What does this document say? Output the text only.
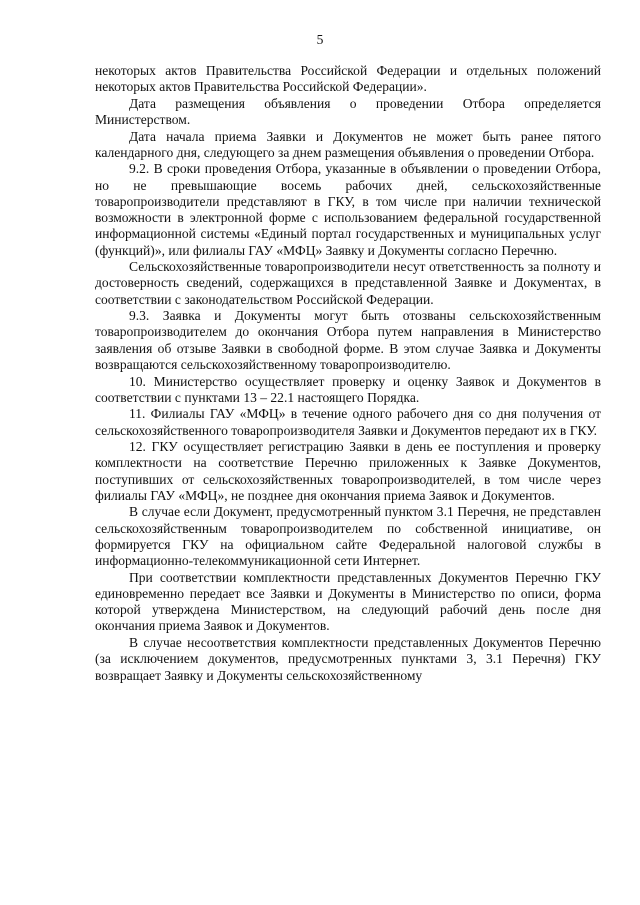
5

некоторых актов Правительства Российской Федерации и отдельных положений некоторых актов Правительства Российской Федерации».

Дата размещения объявления о проведении Отбора определяется Министерством.

Дата начала приема Заявки и Документов не может быть ранее пятого календарного дня, следующего за днем размещения объявления о проведении Отбора.

9.2. В сроки проведения Отбора, указанные в объявлении о проведении Отбора, но не превышающие восемь рабочих дней, сельскохозяйственные товаропроизводители представляют в ГКУ, в том числе при наличии технической возможности в электронной форме с использованием федеральной государственной информационной системы «Единый портал государственных и муниципальных услуг (функций)», или филиалы ГАУ «МФЦ» Заявку и Документы согласно Перечню.

Сельскохозяйственные товаропроизводители несут ответственность за полноту и достоверность сведений, содержащихся в представленной Заявке и Документах, в соответствии с законодательством Российской Федерации.

9.3. Заявка и Документы могут быть отозваны сельскохозяйственным товаропроизводителем до окончания Отбора путем направления в Министерство заявления об отзыве Заявки в свободной форме. В этом случае Заявка и Документы возвращаются сельскохозяйственному товаропроизводителю.

10. Министерство осуществляет проверку и оценку Заявок и Документов в соответствии с пунктами 13 – 22.1 настоящего Порядка.

11. Филиалы ГАУ «МФЦ» в течение одного рабочего дня со дня получения от сельскохозяйственного товаропроизводителя Заявки и Документов передают их в ГКУ.

12. ГКУ осуществляет регистрацию Заявки в день ее поступления и проверку комплектности на соответствие Перечню приложенных к Заявке Документов, поступивших от сельскохозяйственных товаропроизводителей, в том числе через филиалы ГАУ «МФЦ», не позднее дня окончания приема Заявок и Документов.

В случае если Документ, предусмотренный пунктом 3.1 Перечня, не представлен сельскохозяйственным товаропроизводителем по собственной инициативе, он формируется ГКУ на официальном сайте Федеральной налоговой службы в информационно-телекоммуникационной сети Интернет.

При соответствии комплектности представленных Документов Перечню ГКУ единовременно передает все Заявки и Документы в Министерство по описи, форма которой утверждена Министерством, на следующий рабочий день после дня окончания приема Заявок и Документов.

В случае несоответствия комплектности представленных Документов Перечню (за исключением документов, предусмотренных пунктами 3, 3.1 Перечня) ГКУ возвращает Заявку и Документы сельскохозяйственному
